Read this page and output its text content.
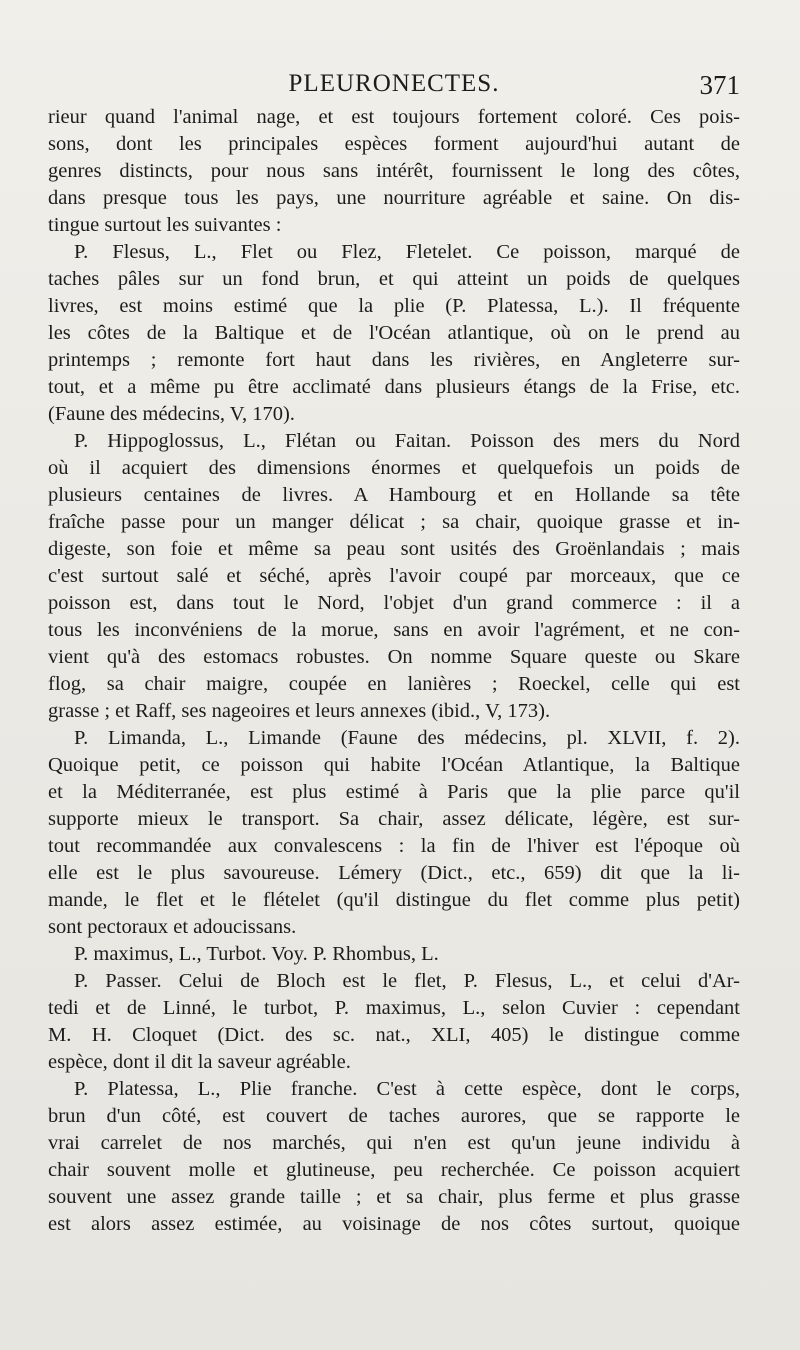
PLEURONECTES.	371
rieur quand l'animal nage, et est toujours fortement coloré. Ces pois-
sons, dont les principales espèces forment aujourd'hui autant de
genres distincts, pour nous sans intérêt, fournissent le long des côtes,
dans presque tous les pays, une nourriture agréable et saine. On dis-
tingue surtout les suivantes :
P. Flesus, L., Flet ou Flez, Fletelet. Ce poisson, marqué de
taches pâles sur un fond brun, et qui atteint un poids de quelques
livres, est moins estimé que la plie (P. Platessa, L.). Il fréquente
les côtes de la Baltique et de l'Océan atlantique, où on le prend au
printemps ; remonte fort haut dans les rivières, en Angleterre sur-
tout, et a même pu être acclimaté dans plusieurs étangs de la Frise, etc.
(Faune des médecins, V, 170).
P. Hippoglossus, L., Flétan ou Faitan. Poisson des mers du Nord
où il acquiert des dimensions énormes et quelquefois un poids de
plusieurs centaines de livres. A Hambourg et en Hollande sa tête
fraîche passe pour un manger délicat ; sa chair, quoique grasse et in-
digeste, son foie et même sa peau sont usités des Groënlandais ; mais
c'est surtout salé et séché, après l'avoir coupé par morceaux, que ce
poisson est, dans tout le Nord, l'objet d'un grand commerce : il a
tous les inconvéniens de la morue, sans en avoir l'agrément, et ne con-
vient qu'à des estomacs robustes. On nomme Square queste ou Skare
flog, sa chair maigre, coupée en lanières ; Roeckel, celle qui est
grasse ; et Raff, ses nageoires et leurs annexes (ibid., V, 173).
P. Limanda, L., Limande (Faune des médecins, pl. XLVII, f. 2).
Quoique petit, ce poisson qui habite l'Océan Atlantique, la Baltique
et la Méditerranée, est plus estimé à Paris que la plie parce qu'il
supporte mieux le transport. Sa chair, assez délicate, légère, est sur-
tout recommandée aux convalescens : la fin de l'hiver est l'époque où
elle est le plus savoureuse. Lémery (Dict., etc., 659) dit que la li-
mande, le flet et le flételet (qu'il distingue du flet comme plus petit)
sont pectoraux et adoucissans.
P. maximus, L., Turbot. Voy. P. Rhombus, L.
P. Passer. Celui de Bloch est le flet, P. Flesus, L., et celui d'Ar-
tedi et de Linné, le turbot, P. maximus, L., selon Cuvier : cependant
M. H. Cloquet (Dict. des sc. nat., XLI, 405) le distingue comme
espèce, dont il dit la saveur agréable.
P. Platessa, L., Plie franche. C'est à cette espèce, dont le corps,
brun d'un côté, est couvert de taches aurores, que se rapporte le
vrai carrelet de nos marchés, qui n'en est qu'un jeune individu à
chair souvent molle et glutineuse, peu recherchée. Ce poisson acquiert
souvent une assez grande taille ; et sa chair, plus ferme et plus grasse
est alors assez estimée, au voisinage de nos côtes surtout, quoique
